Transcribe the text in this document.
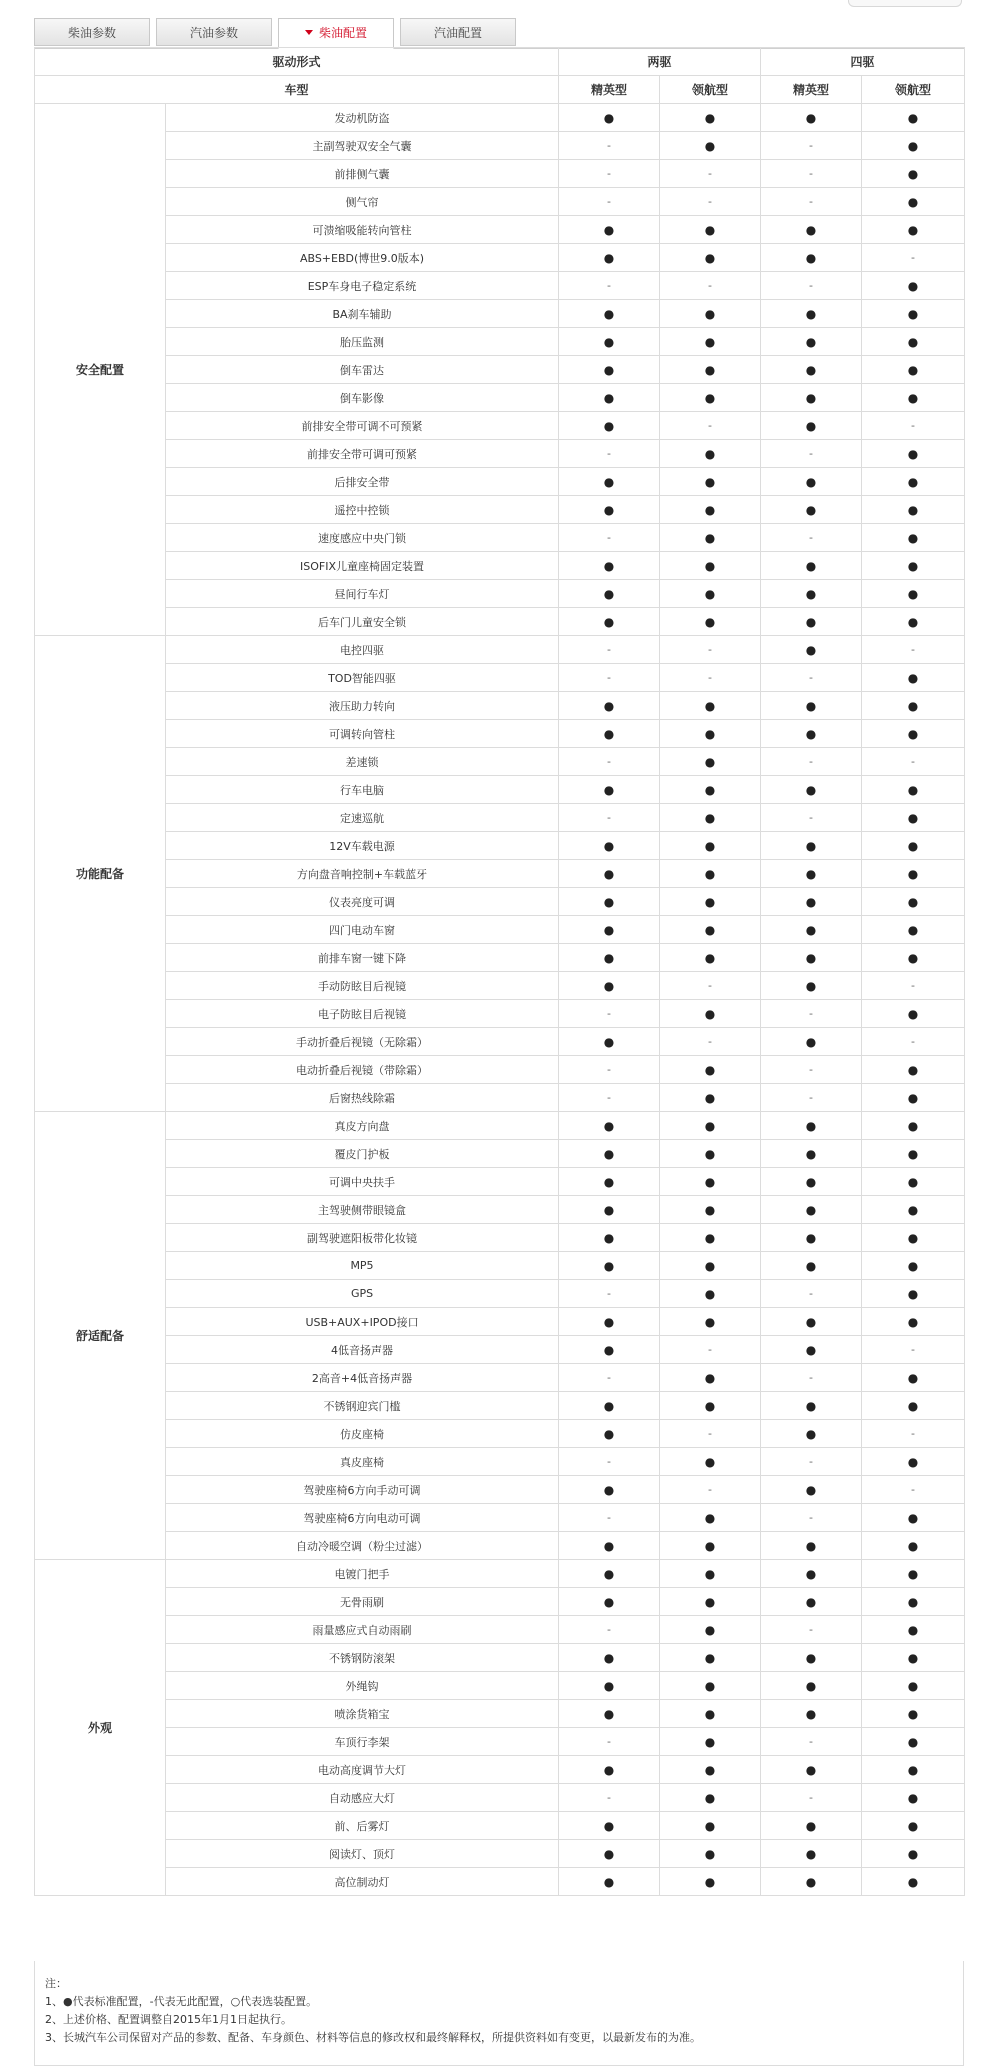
柴油参数	汽油参数	柴油配置	汽油配置
驱动形式		两驱		四驱	
车型		精英型	领航型	精英型	领航型
安全配置	发动机防盗	●	●	●	●
	主副驾驶双安全气囊	-	●	-	●
	前排侧气囊	-	-	-	●
	侧气帘	-	-	-	●
	可溃缩吸能转向管柱	●	●	●	●
	ABS+EBD(博世9.0版本)	●	●	●	-
	ESP车身电子稳定系统	-	-	-	●
	BA刹车辅助	●	●	●	●
	胎压监测	●	●	●	●
	倒车雷达	●	●	●	●
	倒车影像	●	●	●	●
	前排安全带可调不可预紧	●	-	●	-
	前排安全带可调可预紧	-	●	-	●
	后排安全带	●	●	●	●
	遥控中控锁	●	●	●	●
	速度感应中央门锁	-	●	-	●
	ISOFIX儿童座椅固定装置	●	●	●	●
	昼间行车灯	●	●	●	●
	后车门儿童安全锁	●	●	●	●
功能配备	电控四驱	-	-	●	-
	TOD智能四驱	-	-	-	●
	液压助力转向	●	●	●	●
	可调转向管柱	●	●	●	●
	差速锁	-	●	-	-
	行车电脑	●	●	●	●
	定速巡航	-	●	-	●
	12V车载电源	●	●	●	●
	方向盘音响控制+车载蓝牙	●	●	●	●
	仪表亮度可调	●	●	●	●
	四门电动车窗	●	●	●	●
	前排车窗一键下降	●	●	●	●
	手动防眩目后视镜	●	-	●	-
	电子防眩目后视镜	-	●	-	●
	手动折叠后视镜（无除霜）	●	-	●	-
	电动折叠后视镜（带除霜）	-	●	-	●
	后窗热线除霜	-	●	-	●
舒适配备	真皮方向盘	●	●	●	●
	覆皮门护板	●	●	●	●
	可调中央扶手	●	●	●	●
	主驾驶侧带眼镜盒	●	●	●	●
	副驾驶遮阳板带化妆镜	●	●	●	●
	MP5	●	●	●	●
	GPS	-	●	-	●
	USB+AUX+IPOD接口	●	●	●	●
	4低音扬声器	●	-	●	-
	2高音+4低音扬声器	-	●	-	●
	不锈钢迎宾门槛	●	●	●	●
	仿皮座椅	●	-	●	-
	真皮座椅	-	●	-	●
	驾驶座椅6方向手动可调	●	-	●	-
	驾驶座椅6方向电动可调	-	●	-	●
	自动冷暖空调（粉尘过滤）	●	●	●	●
外观	电镀门把手	●	●	●	●
	无骨雨刷	●	●	●	●
	雨量感应式自动雨刷	-	●	-	●
	不锈钢防滚架	●	●	●	●
	外绳钩	●	●	●	●
	喷涂货箱宝	●	●	●	●
	车顶行李架	-	●	-	●
	电动高度调节大灯	●	●	●	●
	自动感应大灯	-	●	-	●
	前、后雾灯	●	●	●	●
	阅读灯、顶灯	●	●	●	●
	高位制动灯	●	●	●	●
注：
1、●代表标准配置，-代表无此配置，○代表选装配置。
2、上述价格、配置调整自2015年1月1日起执行。
3、长城汽车公司保留对产品的参数、配备、车身颜色、材料等信息的修改权和最终解释权，所提供资料如有变更，以最新发布的为准。
